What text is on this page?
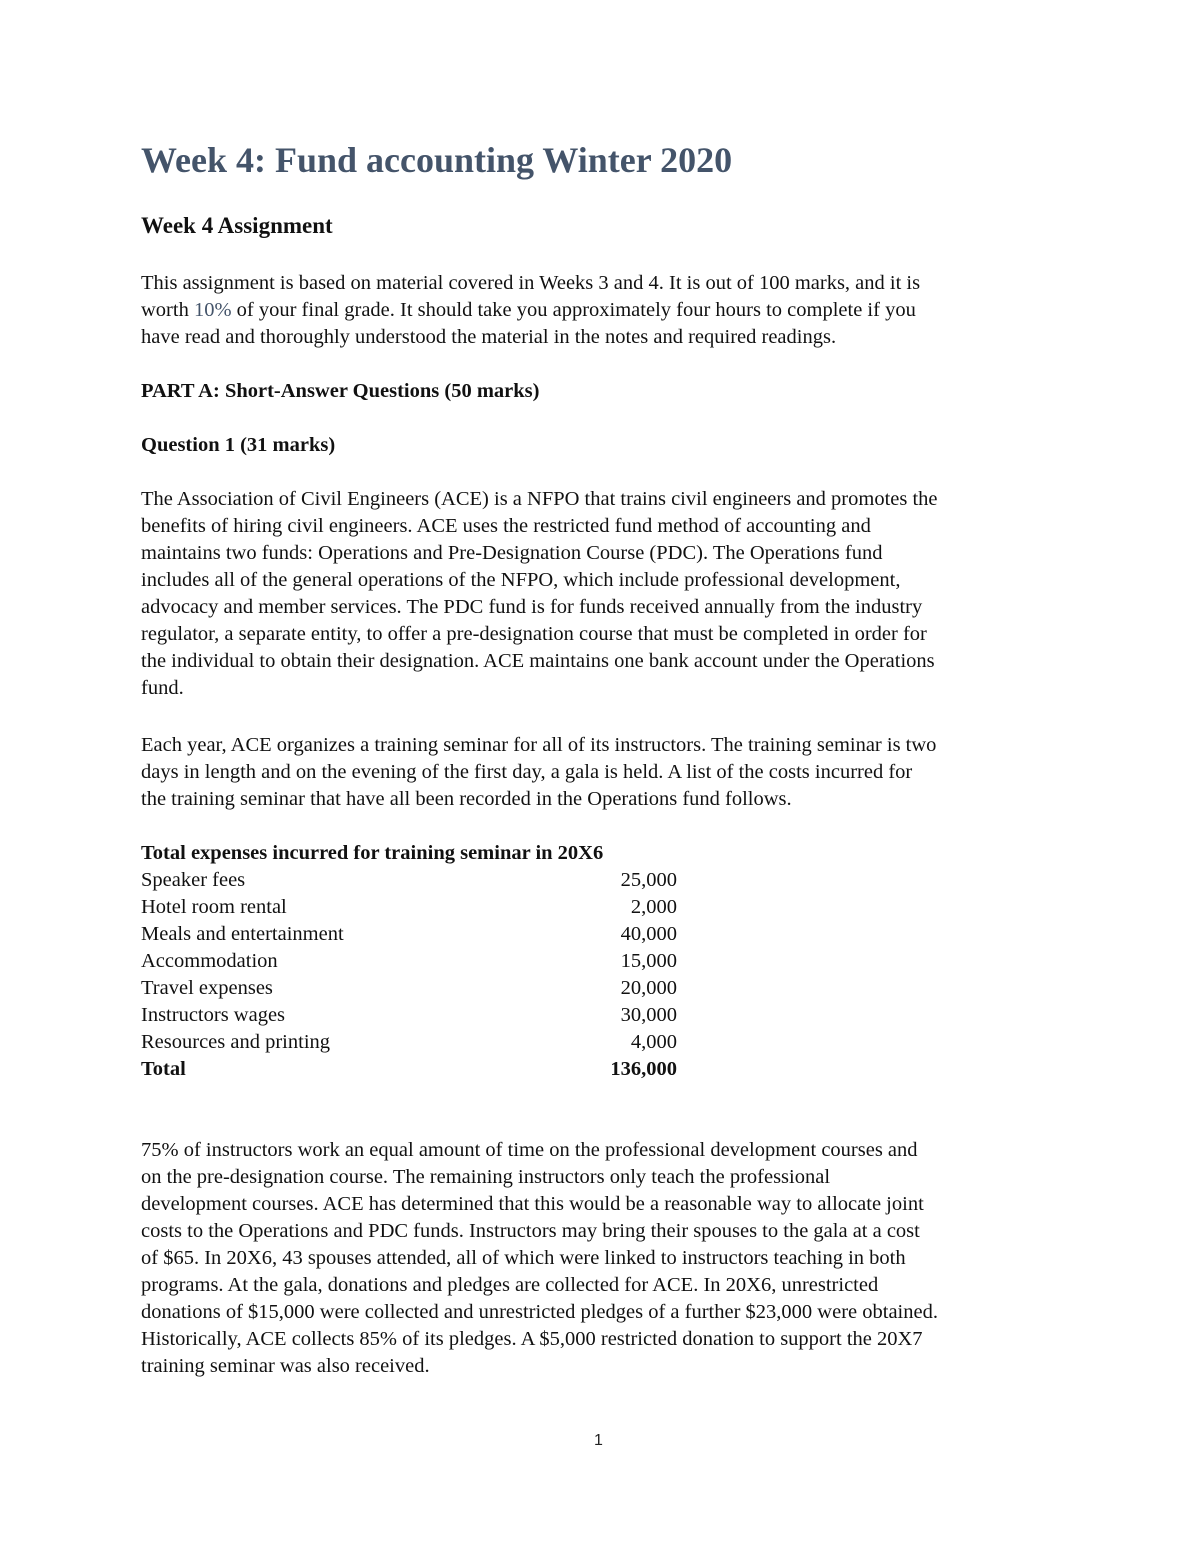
Week 4: Fund accounting Winter 2020
Week 4 Assignment

This assignment is based on material covered in Weeks 3 and 4. It is out of 100 marks, and it is
worth 10% of your final grade. It should take you approximately four hours to complete if you
have read and thoroughly understood the material in the notes and required readings.

PART A: Short-Answer Questions (50 marks)
Question 1 (31 marks)

The Association of Civil Engineers (ACE) is a NFPO that trains civil engineers and promotes the
benefits of hiring civil engineers. ACE uses the restricted fund method of accounting and
maintains two funds: Operations and Pre-Designation Course (PDC). The Operations fund
includes all of the general operations of the NFPO, which include professional development,
advocacy and member services. The PDC fund is for funds received annually from the industry
regulator, a separate entity, to offer a pre-designation course that must be completed in order for
the individual to obtain their designation. ACE maintains one bank account under the Operations
fund.

Each year, ACE organizes a training seminar for all of its instructors. The training seminar is two
days in length and on the evening of the first day, a gala is held. A list of the costs incurred for
the training seminar that have all been recorded in the Operations fund follows.

Total expenses incurred for training seminar in 20X6	
Speaker fees	25,000
Hotel room rental	2,000
Meals and entertainment	40,000
Accommodation	15,000
Travel expenses	20,000
Instructors wages	30,000
Resources and printing	4,000
Total	136,000

75% of instructors work an equal amount of time on the professional development courses and
on the pre-designation course. The remaining instructors only teach the professional
development courses. ACE has determined that this would be a reasonable way to allocate joint
costs to the Operations and PDC funds. Instructors may bring their spouses to the gala at a cost
of $65. In 20X6, 43 spouses attended, all of which were linked to instructors teaching in both
programs. At the gala, donations and pledges are collected for ACE. In 20X6, unrestricted
donations of $15,000 were collected and unrestricted pledges of a further $23,000 were obtained.
Historically, ACE collects 85% of its pledges. A $5,000 restricted donation to support the 20X7
training seminar was also received.

1
